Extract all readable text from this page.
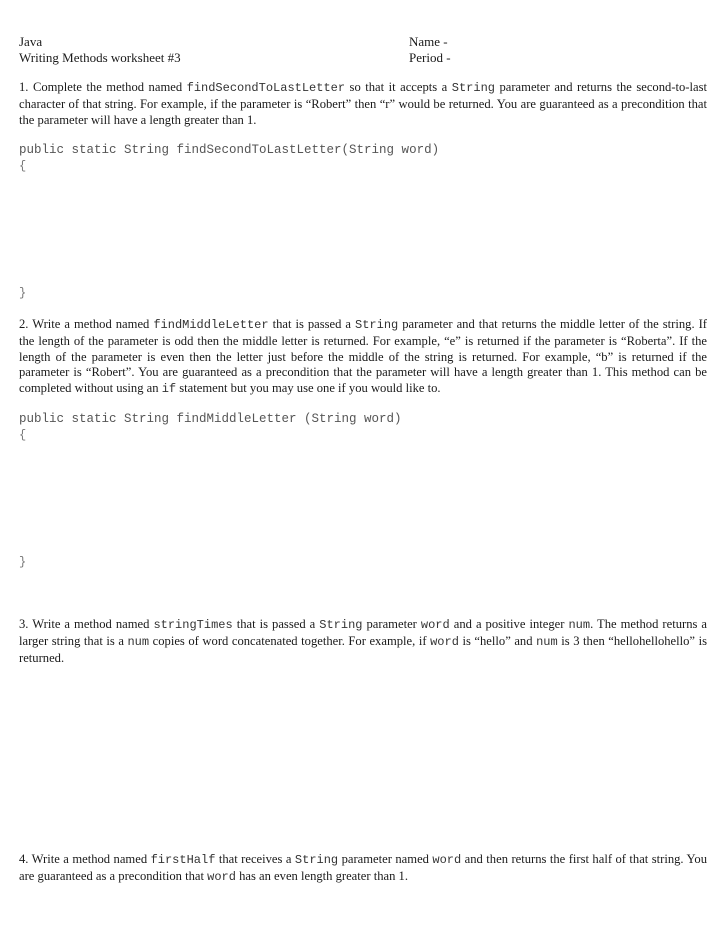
Java
Writing Methods worksheet #3
Name -
Period -
1. Complete the method named findSecondToLastLetter so that it accepts a String parameter and returns the second-to-last character of that string. For example, if the parameter is “Robert” then “r” would be returned. You are guaranteed as a precondition that the parameter will have a length greater than 1.
public static String findSecondToLastLetter(String word)
{
}
2. Write a method named findMiddleLetter that is passed a String parameter and that returns the middle letter of the string. If the length of the parameter is odd then the middle letter is returned. For example, “e” is returned if the parameter is “Roberta”. If the length of the parameter is even then the letter just before the middle of the string is returned. For example, “b” is returned if the parameter is “Robert”. You are guaranteed as a precondition that the parameter will have a length greater than 1. This method can be completed without using an if statement but you may use one if you would like to.
public static String findMiddleLetter (String word)
{
}
3. Write a method named stringTimes that is passed a String parameter word and a positive integer num. The method returns a larger string that is a num copies of word concatenated together. For example, if word is “hello” and num is 3 then “hellohellohello” is returned.
4. Write a method named firstHalf that receives a String parameter named word and then returns the first half of that string. You are guaranteed as a precondition that word has an even length greater than 1.
